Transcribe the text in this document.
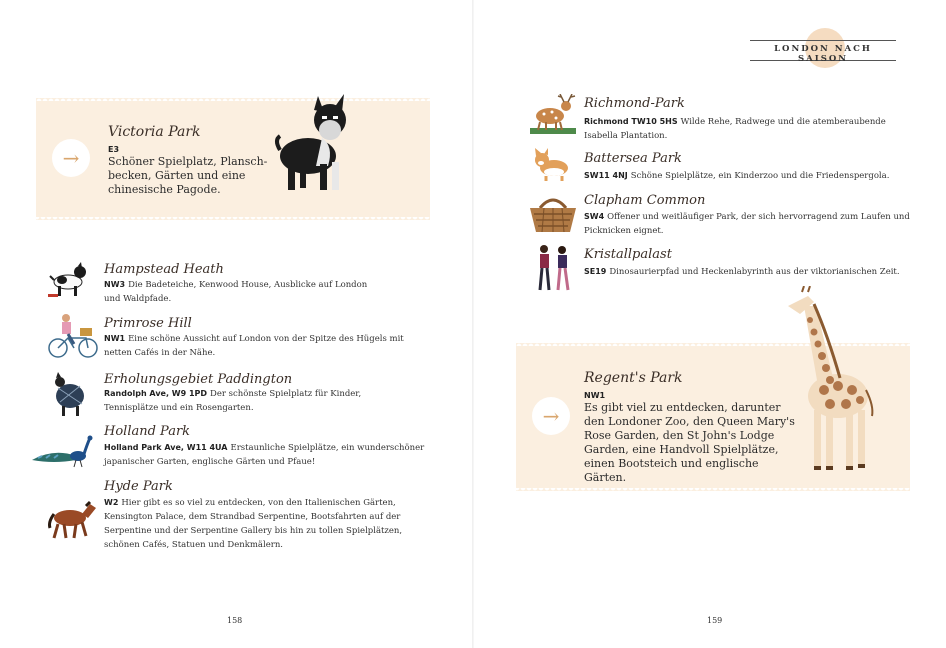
LONDON NACH SAISON
→
Victoria Park
E3
Schöner Spielplatz, Plansch-
becken, Gärten und eine
chinesische Pagode.
Hampstead Heath
NW3 Die Badeteiche, Kenwood House, Ausblicke auf London
und Waldpfade.
Primrose Hill
NW1 Eine schöne Aussicht auf London von der Spitze des Hügels mit
netten Cafés in der Nähe.
Erholungsgebiet Paddington
Randolph Ave, W9 1PD Der schönste Spielplatz für Kinder,
Tennisplätze und ein Rosengarten.
Holland Park
Holland Park Ave, W11 4UA Erstaunliche Spielplätze, ein wunderschöner
japanischer Garten, englische Gärten und Pfaue!
Hyde Park
W2 Hier gibt es so viel zu entdecken, von den Italienischen Gärten,
Kensington Palace, dem Strandbad Serpentine, Bootsfahrten auf der
Serpentine und der Serpentine Gallery bis hin zu tollen Spielplätzen,
schönen Cafés, Statuen und Denkmälern.
158
Richmond-Park
Richmond TW10 5HS Wilde Rehe, Radwege und die atemberaubende
Isabella Plantation.
Battersea Park
SW11 4NJ Schöne Spielplätze, ein Kinderzoo und die Friedenspergola.
Clapham Common
SW4 Offener und weitläufiger Park, der sich hervorragend zum Laufen und
Picknicken eignet.
Kristallpalast
SE19 Dinosaurierpfad und Heckenlabyrinth aus der viktorianischen Zeit.
→
Regent's Park
NW1
Es gibt viel zu entdecken, darunter
den Londoner Zoo, den Queen Mary's
Rose Garden, den St John's Lodge
Garden, eine Handvoll Spielplätze,
einen Bootsteich und englische
Gärten.
159
